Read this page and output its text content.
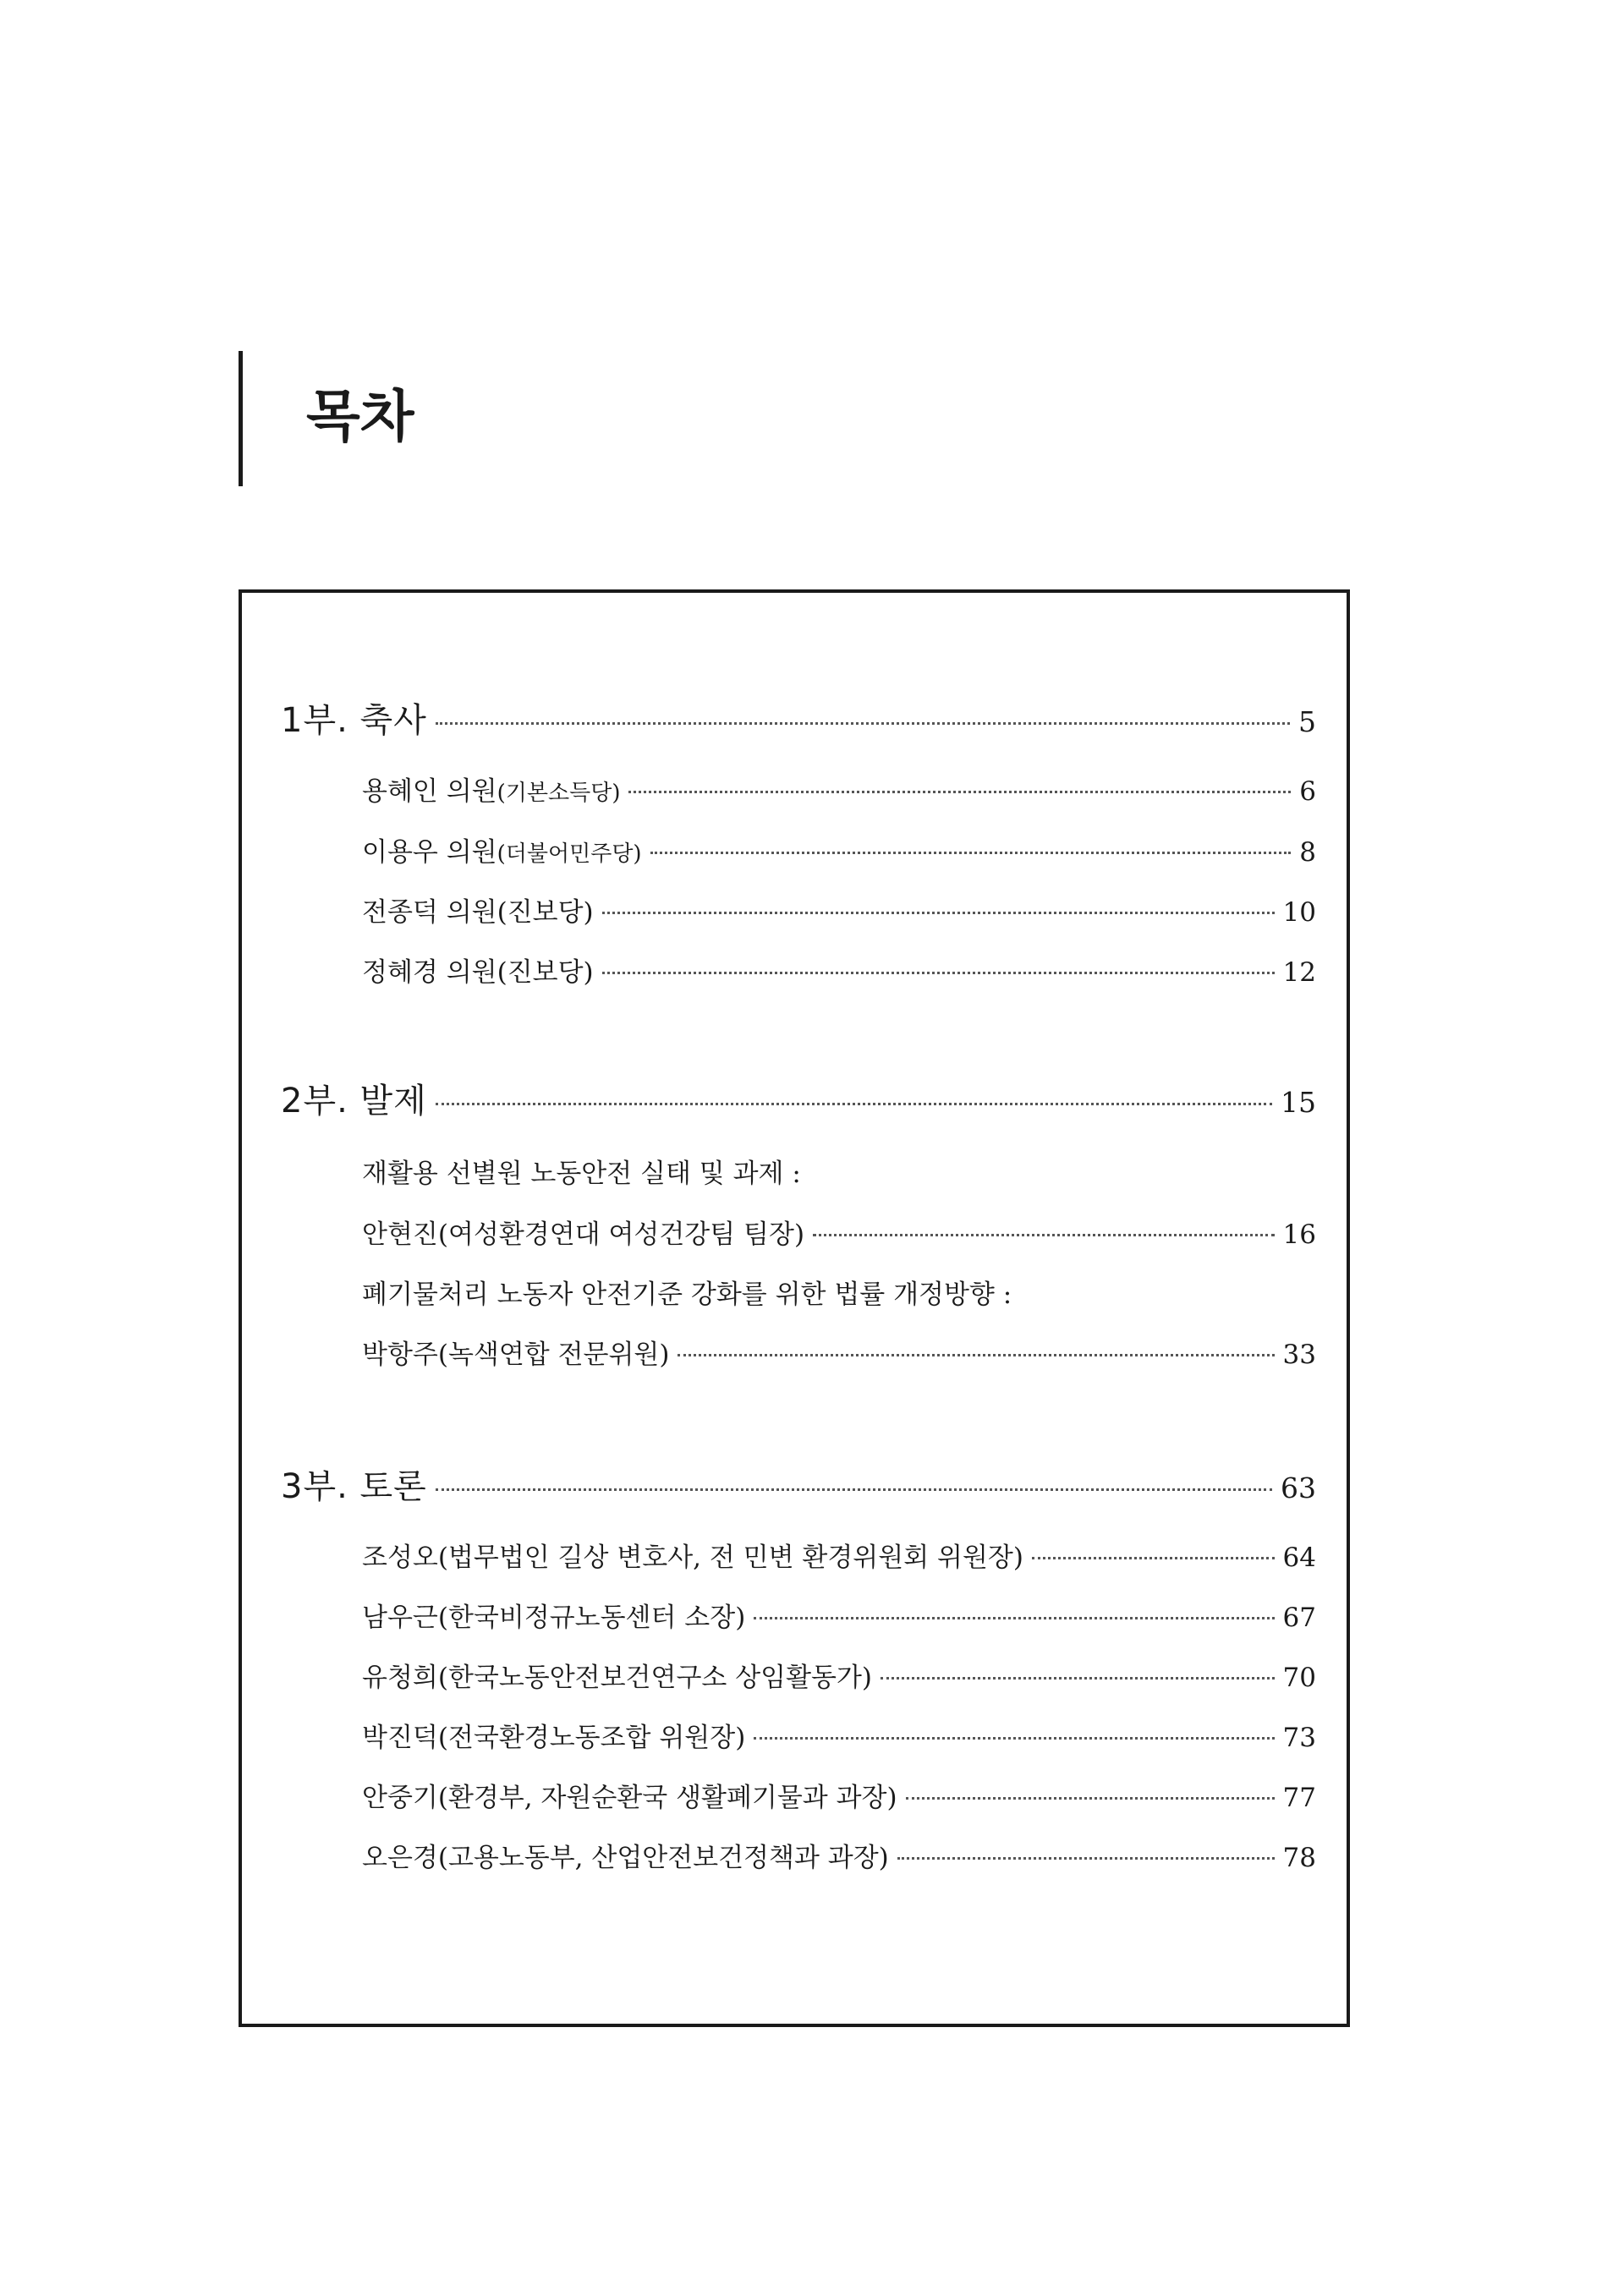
목차
1부. 축사	5
용혜인 의원 (기본소득당)	6
이용우 의원 (더불어민주당)	8
전종덕 의원 (진보당)	10
정혜경 의원 (진보당)	12
2부. 발제	15
재활용 선별원 노동안전 실태 및 과제 :
안현진 (여성환경연대 여성건강팀 팀장)	16
폐기물처리 노동자 안전기준 강화를 위한 법률 개정방향 :
박항주 (녹색연합 전문위원)	33
3부. 토론	63
조성오 (법무법인 길상 변호사, 전 민변 환경위원회 위원장)	64
남우근 (한국비정규노동센터 소장)	67
유청희 (한국노동안전보건연구소 상임활동가)	70
박진덕 (전국환경노동조합 위원장)	73
안중기 (환경부, 자원순환국 생활폐기물과 과장)	77
오은경 (고용노동부, 산업안전보건정책과 과장)	78
